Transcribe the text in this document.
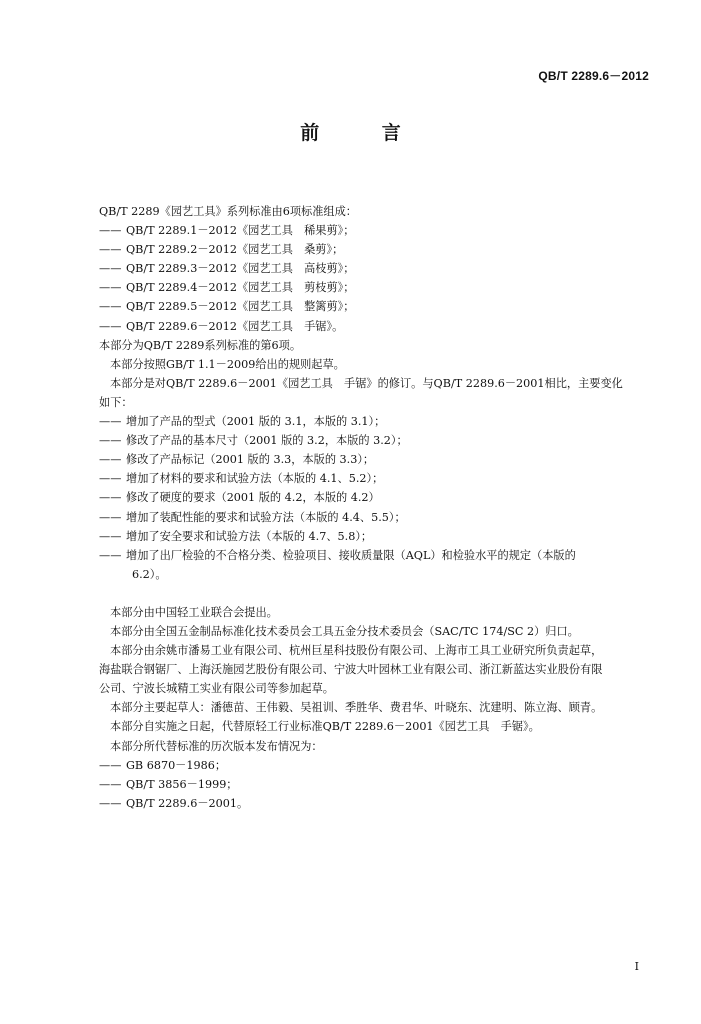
QB/T 2289.6－2012
前 言
QB/T 2289《园艺工具》系列标准由6项标准组成：
—— QB/T 2289.1－2012《园艺工具　稀果剪》；
—— QB/T 2289.2－2012《园艺工具　桑剪》；
—— QB/T 2289.3－2012《园艺工具　高枝剪》；
—— QB/T 2289.4－2012《园艺工具　剪枝剪》；
—— QB/T 2289.5－2012《园艺工具　整篱剪》；
—— QB/T 2289.6－2012《园艺工具　手锯》。
本部分为QB/T 2289系列标准的第6项。
本部分按照GB/T 1.1－2009给出的规则起草。
本部分是对QB/T 2289.6－2001《园艺工具　手锯》的修订。与QB/T 2289.6－2001相比，主要变化
如下：
—— 增加了产品的型式（2001 版的 3.1，本版的 3.1）；
—— 修改了产品的基本尺寸（2001 版的 3.2，本版的 3.2）；
—— 修改了产品标记（2001 版的 3.3，本版的 3.3）；
—— 增加了材料的要求和试验方法（本版的 4.1、5.2）；
—— 修改了硬度的要求（2001 版的 4.2，本版的 4.2）
—— 增加了装配性能的要求和试验方法（本版的 4.4、5.5）；
—— 增加了安全要求和试验方法（本版的 4.7、5.8）；
—— 增加了出厂检验的不合格分类、检验项目、接收质量限（AQL）和检验水平的规定（本版的
6.2）。
本部分由中国轻工业联合会提出。
本部分由全国五金制品标准化技术委员会工具五金分技术委员会（SAC/TC 174/SC 2）归口。
本部分由余姚市潘易工业有限公司、杭州巨星科技股份有限公司、上海市工具工业研究所负责起草，
海盐联合钢锯厂、上海沃施园艺股份有限公司、宁波大叶园林工业有限公司、浙江新蓝达实业股份有限
公司、宁波长城精工实业有限公司等参加起草。
本部分主要起草人：潘德苗、王伟毅、吴祖训、季胜华、费君华、叶晓东、沈建明、陈立海、顾青。
本部分自实施之日起，代替原轻工行业标准QB/T 2289.6－2001《园艺工具　手锯》。
本部分所代替标准的历次版本发布情况为：
—— GB 6870－1986；
—— QB/T 3856－1999；
—— QB/T 2289.6－2001。
I
